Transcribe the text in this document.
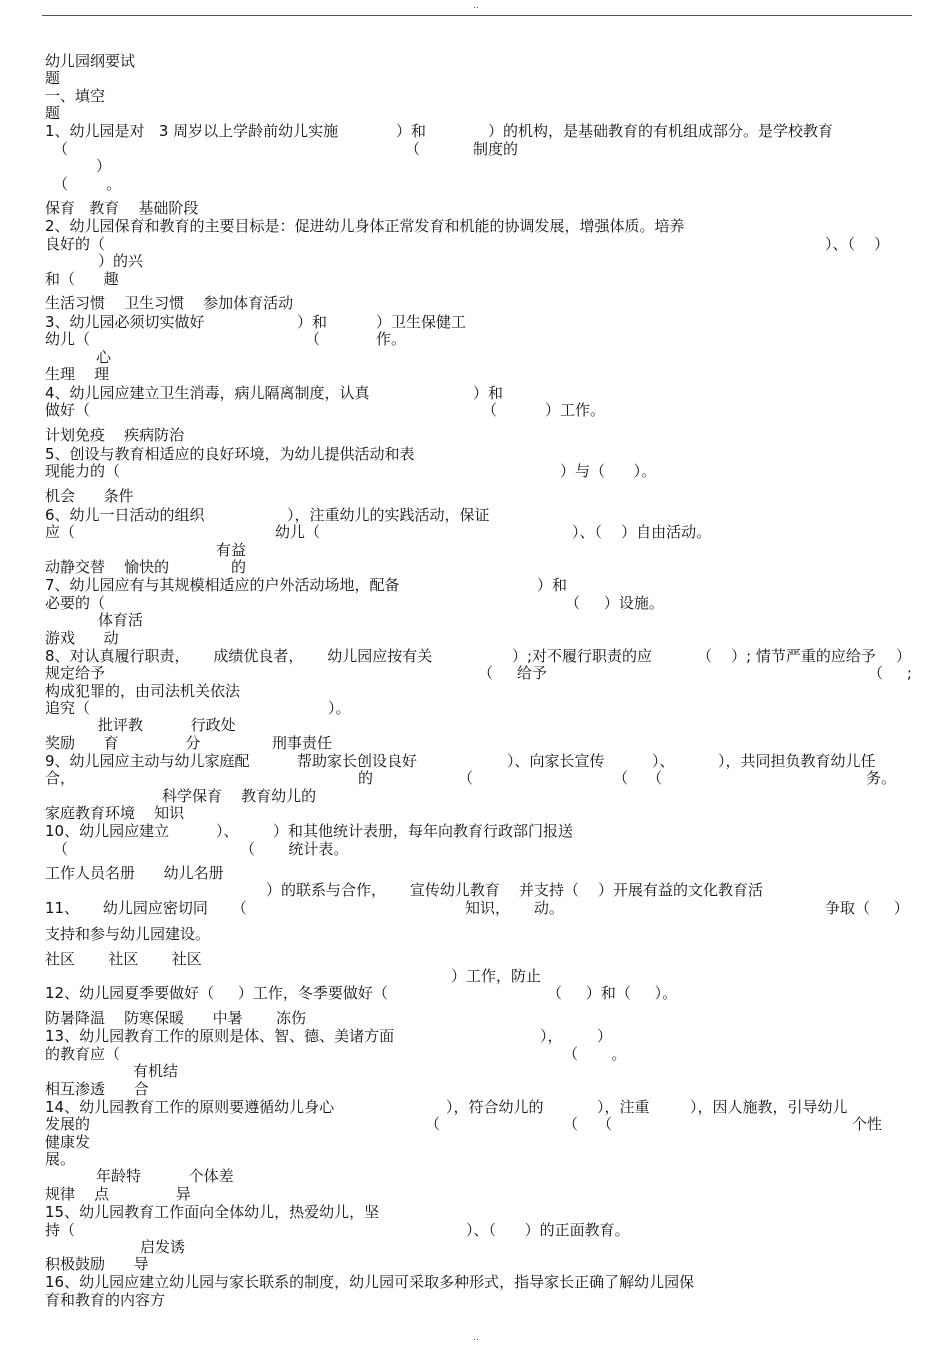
..
幼儿园纲要试
题
一、填空
题
1、幼儿园是对   3 周岁以上学龄前幼儿实施	）和	）的机构，是基础教育的有机组成部分。是学校教育
（	（	制度的
）
（        。
保育   教育    基础阶段
2、幼儿园保育和教育的主要目标是：促进幼儿身体正常发育和机能的协调发展，增强体质。培养
良好的（	）、（    ）
）的兴
和（      趣
生活习惯    卫生习惯    参加体育活动
3、幼儿园必须切实做好	）和	）卫生保健工
幼儿（	（	作。
心
生理    理
4、幼儿园应建立卫生消毒，病儿隔离制度，认真	）和
做好（	（	）工作。
计划免疫    疾病防治
5、创设与教育相适应的良好环境，为幼儿提供活动和表
现能力的（	）与（      ）。
机会      条件
6、幼儿一日活动的组织	），注重幼儿的实践活动，保证
应（	幼儿（	）、（    ）自由活动。
有益
动静交替    愉快的             的
7、幼儿园应有与其规模相适应的户外活动场地，配备	）和
必要的（	（     ）设施。
体育活
游戏      动
8、对认真履行职责，     成绩优良者，     幼儿园应按有关	）;对不履行职责的应	（    ）; 情节严重的应给予 ）
规定给予	（     给予	（     ;
构成犯罪的，由司法机关依法
追究（	）。
批评教          行政处
奖励      育              分               刑事责任
9、幼儿园应主动与幼儿家庭配	帮助家长创设良好	）、向家长宣传	）、	），共同担负教育幼儿任
合，	的	（	（    （	务。
科学保育    教育幼儿的
家庭教育环境    知识
10、幼儿园应建立	）、 ）和其他统计表册，每年向教育行政部门报送
（	（       统计表。
工作人员名册      幼儿名册
）的联系与合作，     宣传幼儿教育    并支持（    ）开展有益的文化教育活
11、     幼儿园应密切同     （	知识，     动。	争取（     ）
支持和参与幼儿园建设。
社区       社区       社区
）工作，防止
12、幼儿园夏季要做好（     ）工作，冬季要做好（	（     ）和（     ）。
防暑降温    防寒保暖      中暑       冻伤
13、幼儿园教育工作的原则是体、智、德、美诸方面	）， ）
的教育应（	（       。
有机结
相互渗透      合
14、幼儿园教育工作的原则要遵循幼儿身心	），符合幼儿的	），注重	），因人施教，引导幼儿
发展的	（	（    （	个性
健康发
展。
年龄特          个体差
规律    点              异
15、幼儿园教育工作面向全体幼儿，热爱幼儿，坚
持（	）、（      ）的正面教育。
启发诱
积极鼓励      导
16、幼儿园应建立幼儿园与家长联系的制度，幼儿园可采取多种形式，指导家长正确了解幼儿园保
育和教育的内容方
..
